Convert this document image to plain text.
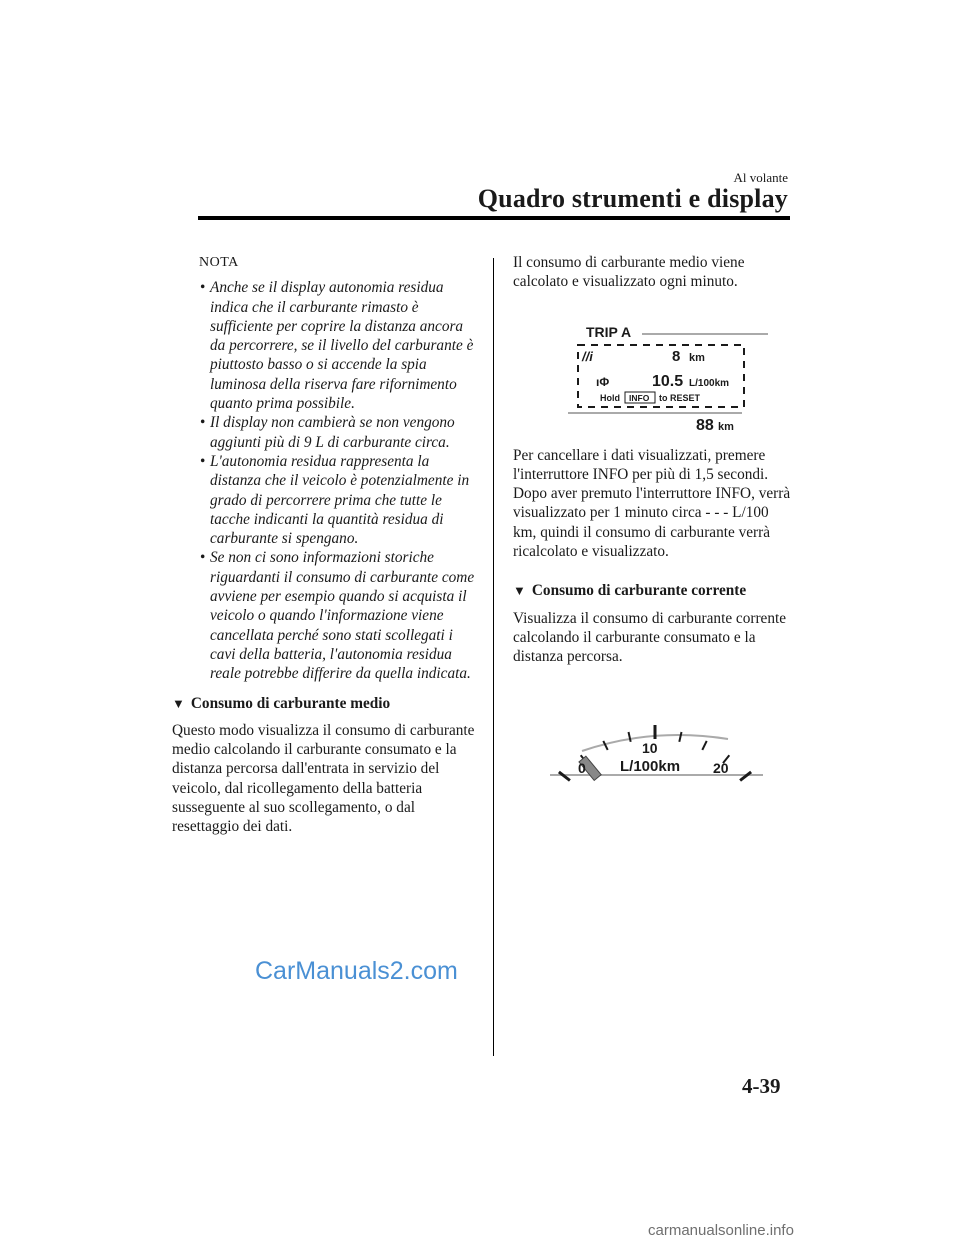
Al volante
Quadro strumenti e display
NOTA
• Anche se il display autonomia residua indica che il carburante rimasto è sufficiente per coprire la distanza ancora da percorrere, se il livello del carburante è piuttosto basso o si accende la spia luminosa della riserva fare rifornimento quanto prima possibile.
• Il display non cambierà se non vengono aggiunti più di 9 L di carburante circa.
• L'autonomia residua rappresenta la distanza che il veicolo è potenzialmente in grado di percorrere prima che tutte le tacche indicanti la quantità residua di carburante si spengano.
• Se non ci sono informazioni storiche riguardanti il consumo di carburante come avviene per esempio quando si acquista il veicolo o quando l'informazione viene cancellata perché sono stati scollegati i cavi della batteria, l'autonomia residua reale potrebbe differire da quella indicata.
▼ Consumo di carburante medio

Questo modo visualizza il consumo di carburante medio calcolando il carburante consumato e la distanza percorsa dall'entrata in servizio del veicolo, dal ricollegamento della batteria susseguente al suo scollegamento, o dal resettaggio dei dati.

Il consumo di carburante medio viene calcolato e visualizzato ogni minuto.

TRIP A
//i	8 km
ıΦ	10.5 L/100km
Hold INFO to RESET
88 km

Per cancellare i dati visualizzati, premere l'interruttore INFO per più di 1,5 secondi. Dopo aver premuto l'interruttore INFO, verrà visualizzato per 1 minuto circa - - - L/100 km, quindi il consumo di carburante verrà ricalcolato e visualizzato.

▼ Consumo di carburante corrente

Visualizza il consumo di carburante corrente calcolando il carburante consumato e la distanza percorsa.

0
10
20
L/100km
CarManuals2.com
4-39
carmanualsonline.info
